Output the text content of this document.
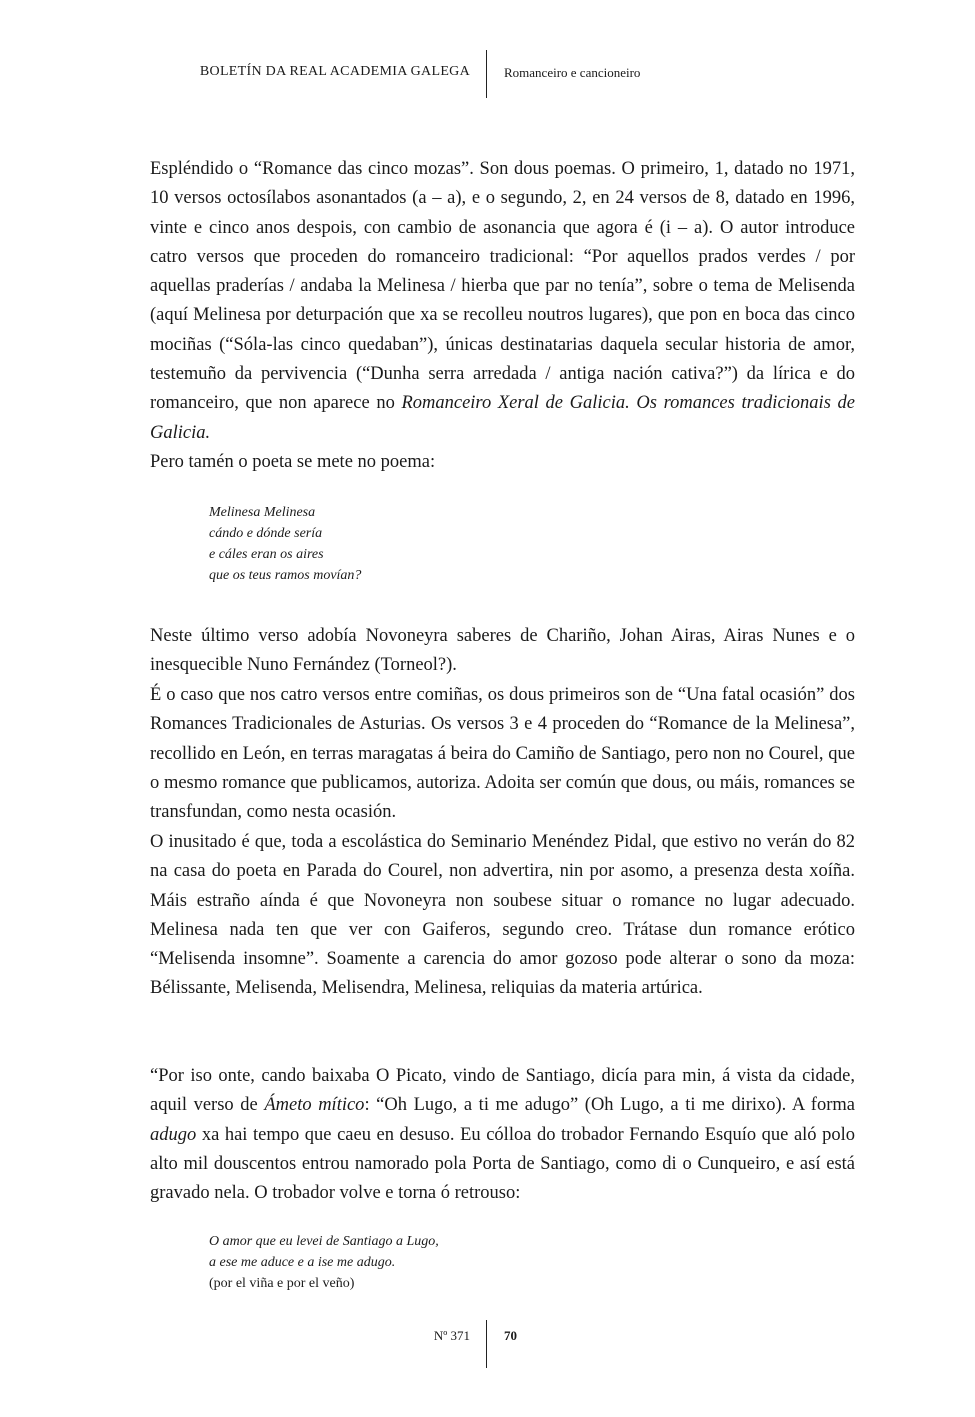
BOLETÍN DA REAL ACADEMIA GALEGA	Romanceiro e cancioneiro
Espléndido o “Romance das cinco mozas”. Son dous poemas. O primeiro, 1, datado no 1971, 10 versos octosílabos asonantados (a – a), e o segundo, 2, en 24 versos de 8, datado en 1996, vinte e cinco anos despois, con cambio de asonancia que agora é (i – a). O autor introduce catro versos que proceden do romanceiro tradicional: “Por aquellos prados verdes / por aquellas praderías / andaba la Melinesa / hierba que par no tenía”, sobre o tema de Melisenda (aquí Melinesa por deturpación que xa se recolleu noutros lugares), que pon en boca das cinco mociñas (“Sóla-las cinco quedaban”), únicas destinatarias daquela secular historia de amor, testemuño da pervivencia (“Dunha serra arredada / antiga nación cativa?”) da lírica e do romanceiro, que non aparece no Romanceiro Xeral de Galicia. Os romances tradicionais de Galicia.
Pero tamén o poeta se mete no poema:
Melinesa Melinesa
cándo e dónde sería
e cáles eran os aires
que os teus ramos movían?
Neste último verso adobía Novoneyra saberes de Chariño, Johan Airas, Airas Nunes e o inesquecible Nuno Fernández (Torneol?).
É o caso que nos catro versos entre comiñas, os dous primeiros son de “Una fatal ocasión” dos Romances Tradicionales de Asturias. Os versos 3 e 4 proceden do “Romance de la Melinesa”, recollido en León, en terras maragatas á beira do Camiño de Santiago, pero non no Courel, que o mesmo romance que publicamos, autoriza. Adoita ser común que dous, ou máis, romances se transfundan, como nesta ocasión.
O inusitado é que, toda a escolástica do Seminario Menéndez Pidal, que estivo no verán do 82 na casa do poeta en Parada do Courel, non advertira, nin por asomo, a presenza desta xoíña. Máis estraño aínda é que Novoneyra non soubese situar o romance no lugar adecuado. Melinesa nada ten que ver con Gaiferos, segundo creo. Trátase dun romance erótico “Melisenda insomne”. Soamente a carencia do amor gozoso pode alterar o sono da moza: Bélissante, Melisenda, Melisendra, Melinesa, reliquias da materia artúrica.
“Por iso onte, cando baixaba O Picato, vindo de Santiago, dicía para min, á vista da cidade, aquil verso de Ámeto mítico: “Oh Lugo, a ti me adugo” (Oh Lugo, a ti me dirixo). A forma adugo xa hai tempo que caeu en desuso. Eu cólloa do trobador Fernando Esquío que aló polo alto mil douscentos entrou namorado pola Porta de Santiago, como di o Cunqueiro, e así está gravado nela. O trobador volve e torna ó retrouso:
O amor que eu levei de Santiago a Lugo,
a ese me aduce e a ise me adugo.
(por el viña e por el veño)
Nº 371	70
